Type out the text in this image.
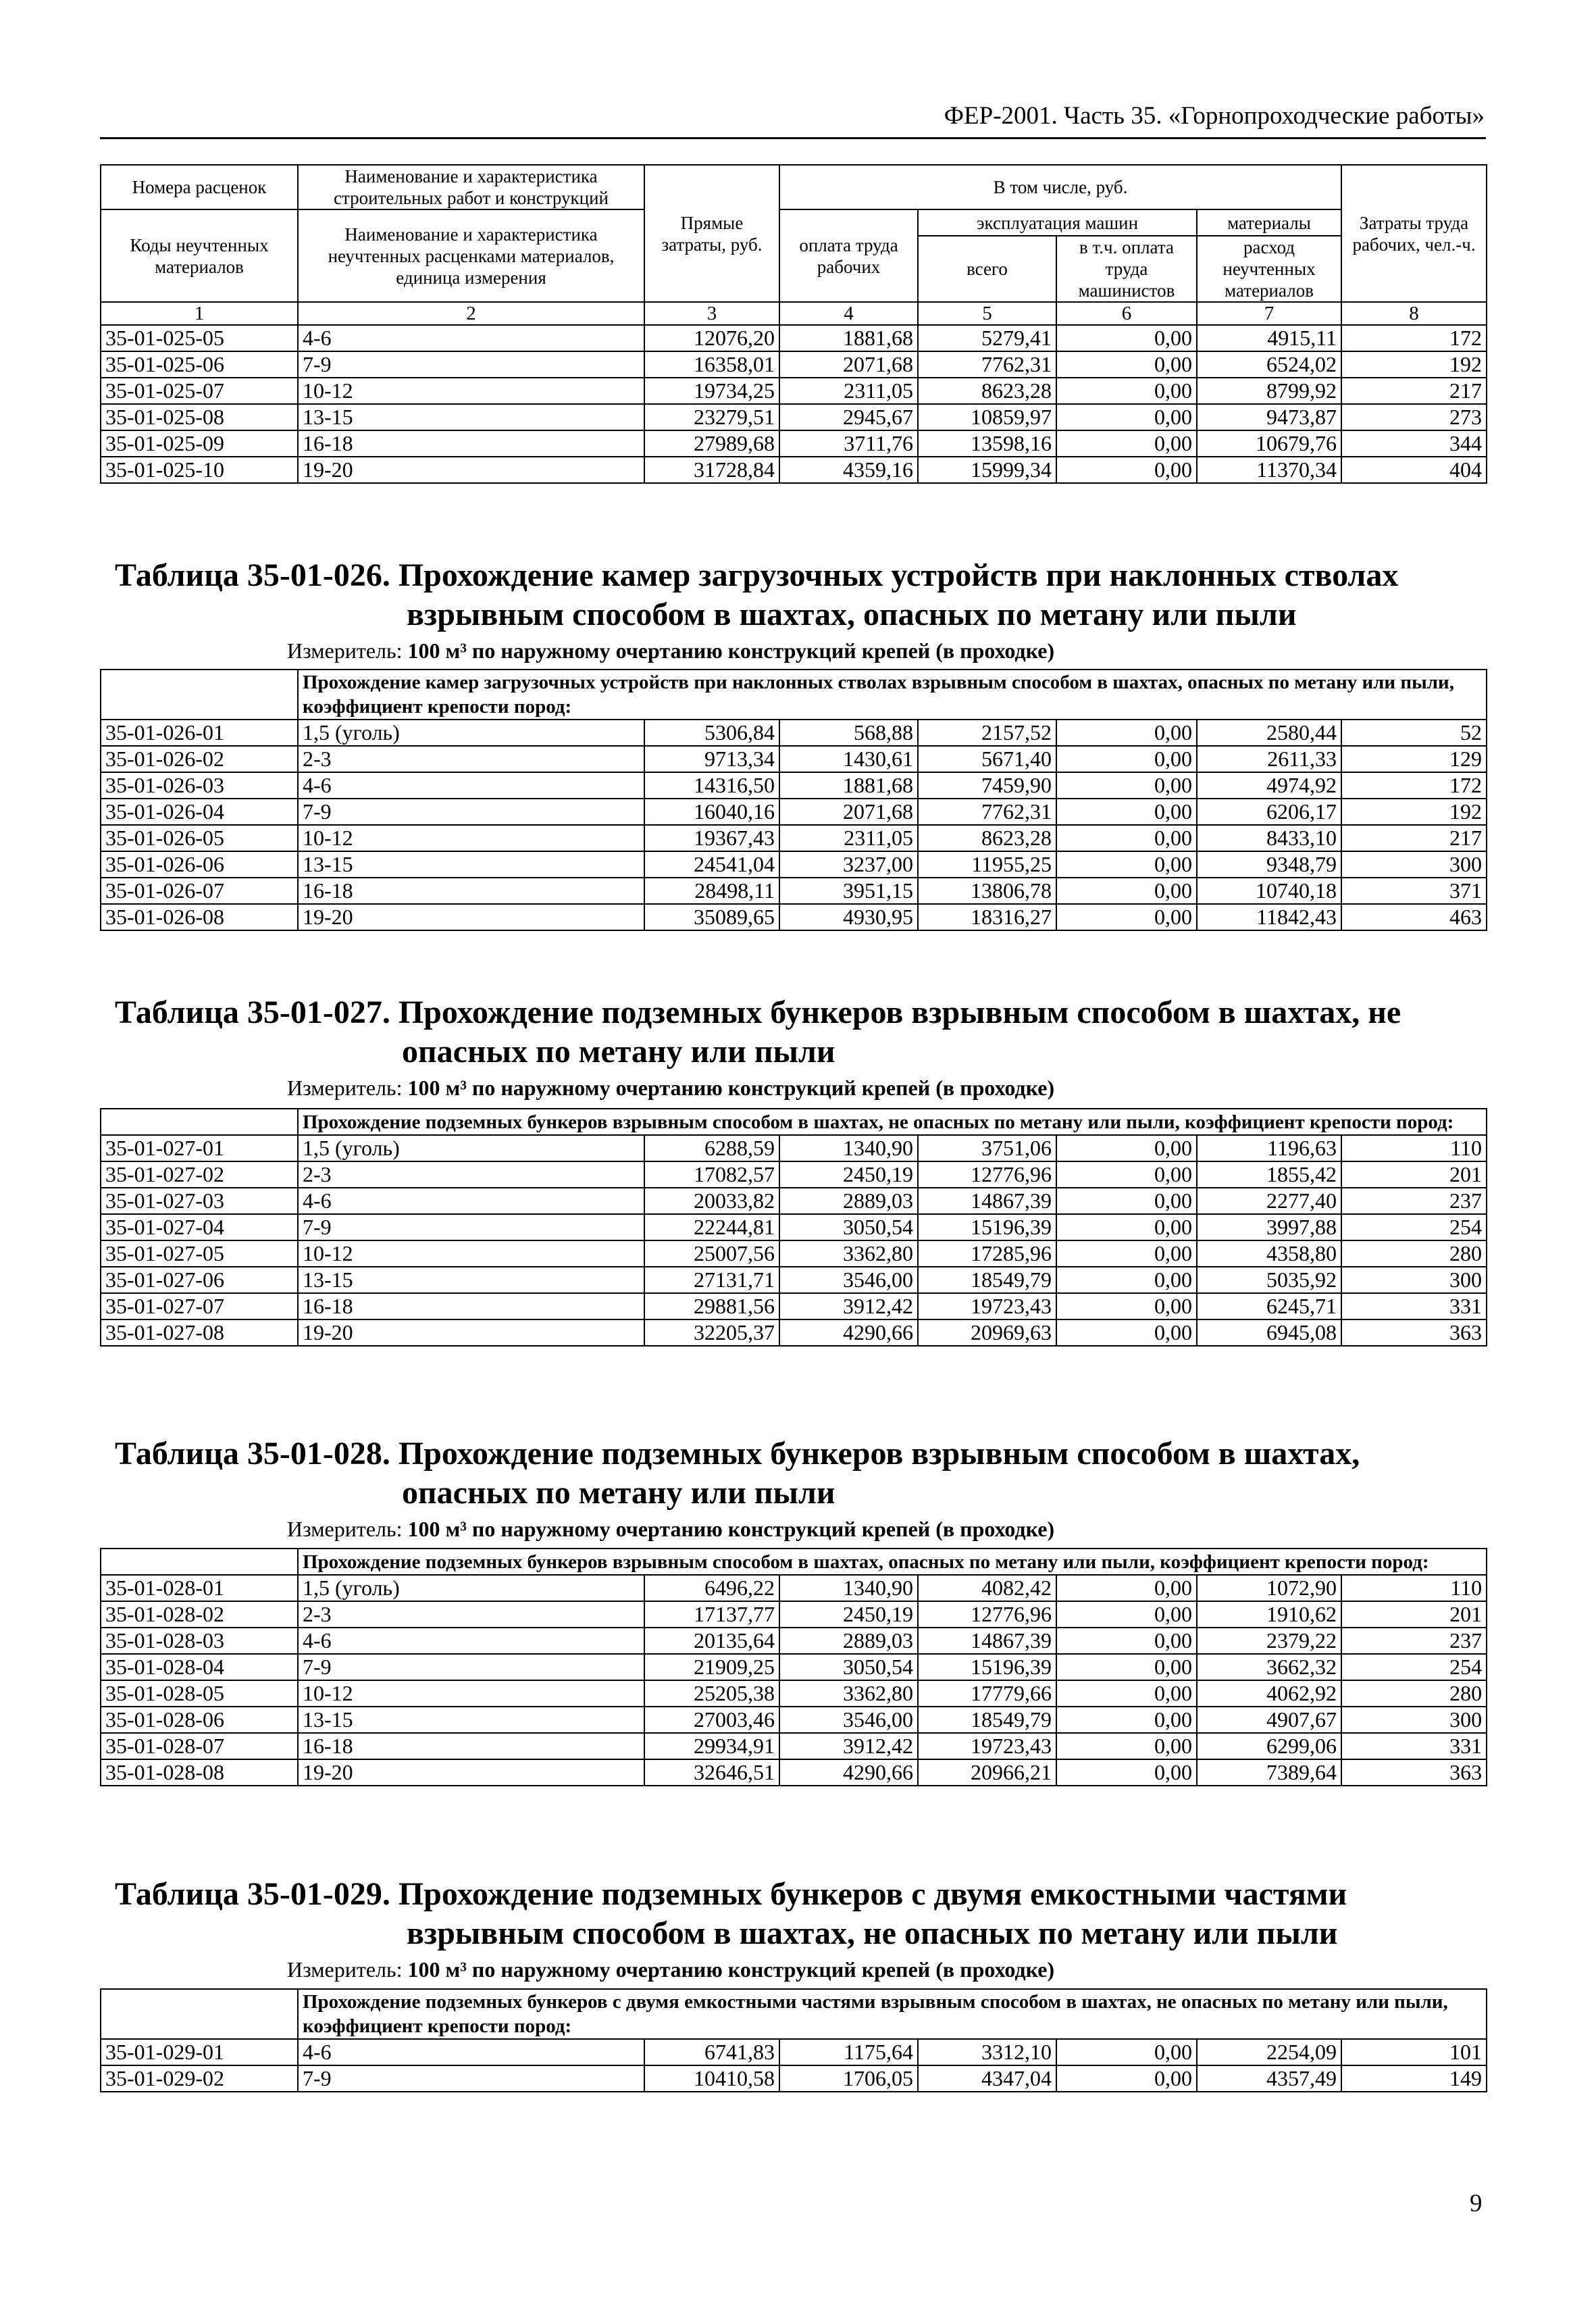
ФЕР-2001. Часть 35. «Горнопроходческие работы»
Номера расценок	Наименование и характеристика строительных работ и конструкций	Прямые затраты, руб.	В том числе, руб.				Затраты труда рабочих, чел.-ч.
Коды неучтенных материалов	Наименование и характеристика неучтенных расценками материалов, единица измерения		оплата труда рабочих	эксплуатация машин		материалы	
				всего	в т.ч. оплата труда машинистов	расход неучтенных материалов	
1	2	3	4	5	6	7	8
35-01-025-05	4-6	12076,20	1881,68	5279,41	0,00	4915,11	172
35-01-025-06	7-9	16358,01	2071,68	7762,31	0,00	6524,02	192
35-01-025-07	10-12	19734,25	2311,05	8623,28	0,00	8799,92	217
35-01-025-08	13-15	23279,51	2945,67	10859,97	0,00	9473,87	273
35-01-025-09	16-18	27989,68	3711,76	13598,16	0,00	10679,76	344
35-01-025-10	19-20	31728,84	4359,16	15999,34	0,00	11370,34	404
Таблица 35-01-026. Прохождение камер загрузочных устройств при наклонных стволах
взрывным способом в шахтах, опасных по метану или пыли
Измеритель: 100 м³ по наружному очертанию конструкций крепей (в проходке)
	Прохождение камер загрузочных устройств при наклонных стволах взрывным способом в шахтах, опасных по метану или пыли, коэффициент крепости пород:						
35-01-026-01	1,5 (уголь)	5306,84	568,88	2157,52	0,00	2580,44	52
35-01-026-02	2-3	9713,34	1430,61	5671,40	0,00	2611,33	129
35-01-026-03	4-6	14316,50	1881,68	7459,90	0,00	4974,92	172
35-01-026-04	7-9	16040,16	2071,68	7762,31	0,00	6206,17	192
35-01-026-05	10-12	19367,43	2311,05	8623,28	0,00	8433,10	217
35-01-026-06	13-15	24541,04	3237,00	11955,25	0,00	9348,79	300
35-01-026-07	16-18	28498,11	3951,15	13806,78	0,00	10740,18	371
35-01-026-08	19-20	35089,65	4930,95	18316,27	0,00	11842,43	463
Таблица 35-01-027. Прохождение подземных бункеров взрывным способом в шахтах, не
опасных по метану или пыли
Измеритель: 100 м³ по наружному очертанию конструкций крепей (в проходке)
	Прохождение подземных бункеров взрывным способом в шахтах, не опасных по метану или пыли, коэффициент крепости пород:						
35-01-027-01	1,5 (уголь)	6288,59	1340,90	3751,06	0,00	1196,63	110
35-01-027-02	2-3	17082,57	2450,19	12776,96	0,00	1855,42	201
35-01-027-03	4-6	20033,82	2889,03	14867,39	0,00	2277,40	237
35-01-027-04	7-9	22244,81	3050,54	15196,39	0,00	3997,88	254
35-01-027-05	10-12	25007,56	3362,80	17285,96	0,00	4358,80	280
35-01-027-06	13-15	27131,71	3546,00	18549,79	0,00	5035,92	300
35-01-027-07	16-18	29881,56	3912,42	19723,43	0,00	6245,71	331
35-01-027-08	19-20	32205,37	4290,66	20969,63	0,00	6945,08	363
Таблица 35-01-028. Прохождение подземных бункеров взрывным способом в шахтах,
опасных по метану или пыли
Измеритель: 100 м³ по наружному очертанию конструкций крепей (в проходке)
	Прохождение подземных бункеров взрывным способом в шахтах, опасных по метану или пыли, коэффициент крепости пород:						
35-01-028-01	1,5 (уголь)	6496,22	1340,90	4082,42	0,00	1072,90	110
35-01-028-02	2-3	17137,77	2450,19	12776,96	0,00	1910,62	201
35-01-028-03	4-6	20135,64	2889,03	14867,39	0,00	2379,22	237
35-01-028-04	7-9	21909,25	3050,54	15196,39	0,00	3662,32	254
35-01-028-05	10-12	25205,38	3362,80	17779,66	0,00	4062,92	280
35-01-028-06	13-15	27003,46	3546,00	18549,79	0,00	4907,67	300
35-01-028-07	16-18	29934,91	3912,42	19723,43	0,00	6299,06	331
35-01-028-08	19-20	32646,51	4290,66	20966,21	0,00	7389,64	363
Таблица 35-01-029. Прохождение подземных бункеров с двумя емкостными частями
взрывным способом в шахтах, не опасных по метану или пыли
Измеритель: 100 м³ по наружному очертанию конструкций крепей (в проходке)
	Прохождение подземных бункеров с двумя емкостными частями взрывным способом в шахтах, не опасных по метану или пыли, коэффициент крепости пород:						
35-01-029-01	4-6	6741,83	1175,64	3312,10	0,00	2254,09	101
35-01-029-02	7-9	10410,58	1706,05	4347,04	0,00	4357,49	149
9
